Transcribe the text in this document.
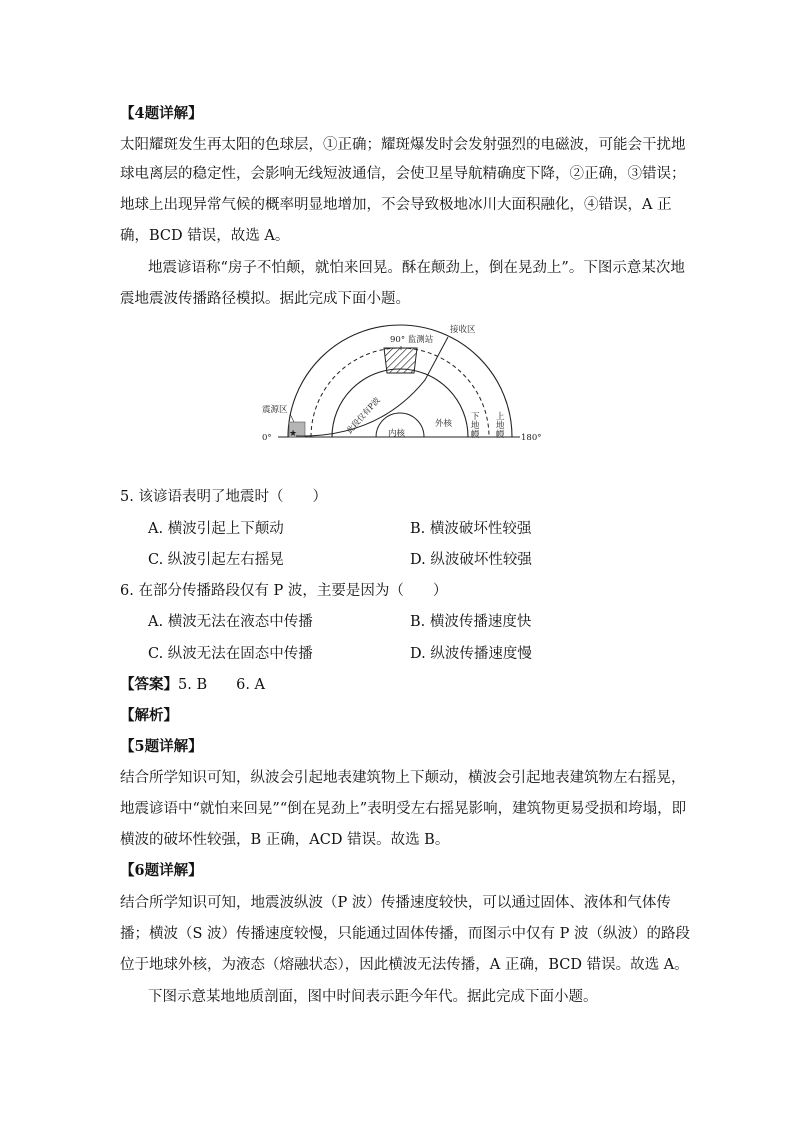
【4题详解】
太阳耀斑发生再太阳的色球层，①正确；耀斑爆发时会发射强烈的电磁波，可能会干扰地
球电离层的稳定性，会影响无线短波通信，会使卫星导航精确度下降，②正确，③错误；
地球上出现异常气候的概率明显地增加，不会导致极地冰川大面积融化，④错误，A 正
确，BCD 错误，故选 A。
地震谚语称“房子不怕颠，就怕来回晃。酥在颠劲上，倒在晃劲上”。下图示意某次地
震地震波传播路径模拟。据此完成下面小题。
★
90° 监测站
接收区
震源区
0°	180°
内核
外核
下
地
幔
上
地
幔
此段仅有P波
5. 该谚语表明了地震时（　　）
A. 横波引起上下颠动	B. 横波破坏性较强
C. 纵波引起左右摇晃	D. 纵波破坏性较强
6. 在部分传播路段仅有 P 波，主要是因为（　　）
A. 横波无法在液态中传播	B. 横波传播速度快
C. 纵波无法在固态中传播	D. 纵波传播速度慢
【答案】5. B　　6. A
【解析】
【5题详解】
结合所学知识可知，纵波会引起地表建筑物上下颠动，横波会引起地表建筑物左右摇晃，
地震谚语中“就怕来回晃”“倒在晃劲上”表明受左右摇晃影响，建筑物更易受损和垮塌，即
横波的破坏性较强，B 正确，ACD 错误。故选 B。
【6题详解】
结合所学知识可知，地震波纵波（P 波）传播速度较快，可以通过固体、液体和气体传
播；横波（S 波）传播速度较慢，只能通过固体传播，而图示中仅有 P 波（纵波）的路段
位于地球外核，为液态（熔融状态），因此横波无法传播，A 正确，BCD 错误。故选 A。
下图示意某地地质剖面，图中时间表示距今年代。据此完成下面小题。
